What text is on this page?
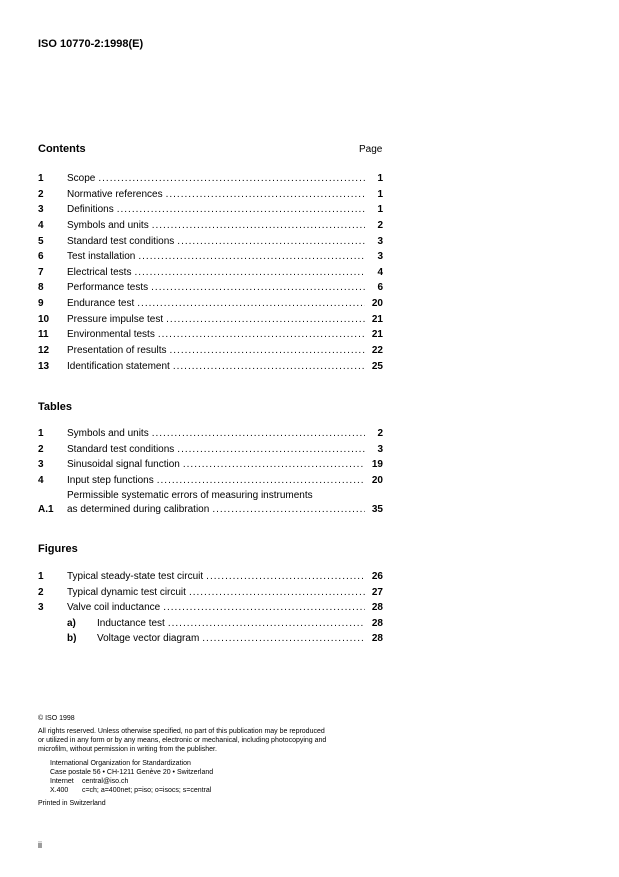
ISO 10770-2:1998(E)
Contents	Page
1 Scope .....	1
2 Normative references .....	1
3 Definitions .....	1
4 Symbols and units .....	2
5 Standard test conditions .....	3
6 Test installation .....	3
7 Electrical tests .....	4
8 Performance tests .....	6
9 Endurance test .....	20
10 Pressure impulse test .....	21
11 Environmental tests .....	21
12 Presentation of results .....	22
13 Identification statement .....	25
Tables
1 Symbols and units .....	2
2 Standard test conditions .....	3
3 Sinusoidal signal function .....	19
4 Input step functions .....	20
Permissible systematic errors of measuring instruments
A.1 as determined during calibration .....	35
Figures
1 Typical steady-state test circuit .....	26
2 Typical dynamic test circuit .....	27
3 Valve coil inductance .....	28
a) Inductance test .....	28
b) Voltage vector diagram .....	28
© ISO 1998
All rights reserved. Unless otherwise specified, no part of this publication may be reproduced
or utilized in any form or by any means, electronic or mechanical, including photocopying and
microfilm, without permission in writing from the publisher.
International Organization for Standardization
Case postale 56 • CH-1211 Genève 20 • Switzerland
Internet central@iso.ch
X.400 c=ch; a=400net; p=iso; o=isocs; s=central
Printed in Switzerland
ii
